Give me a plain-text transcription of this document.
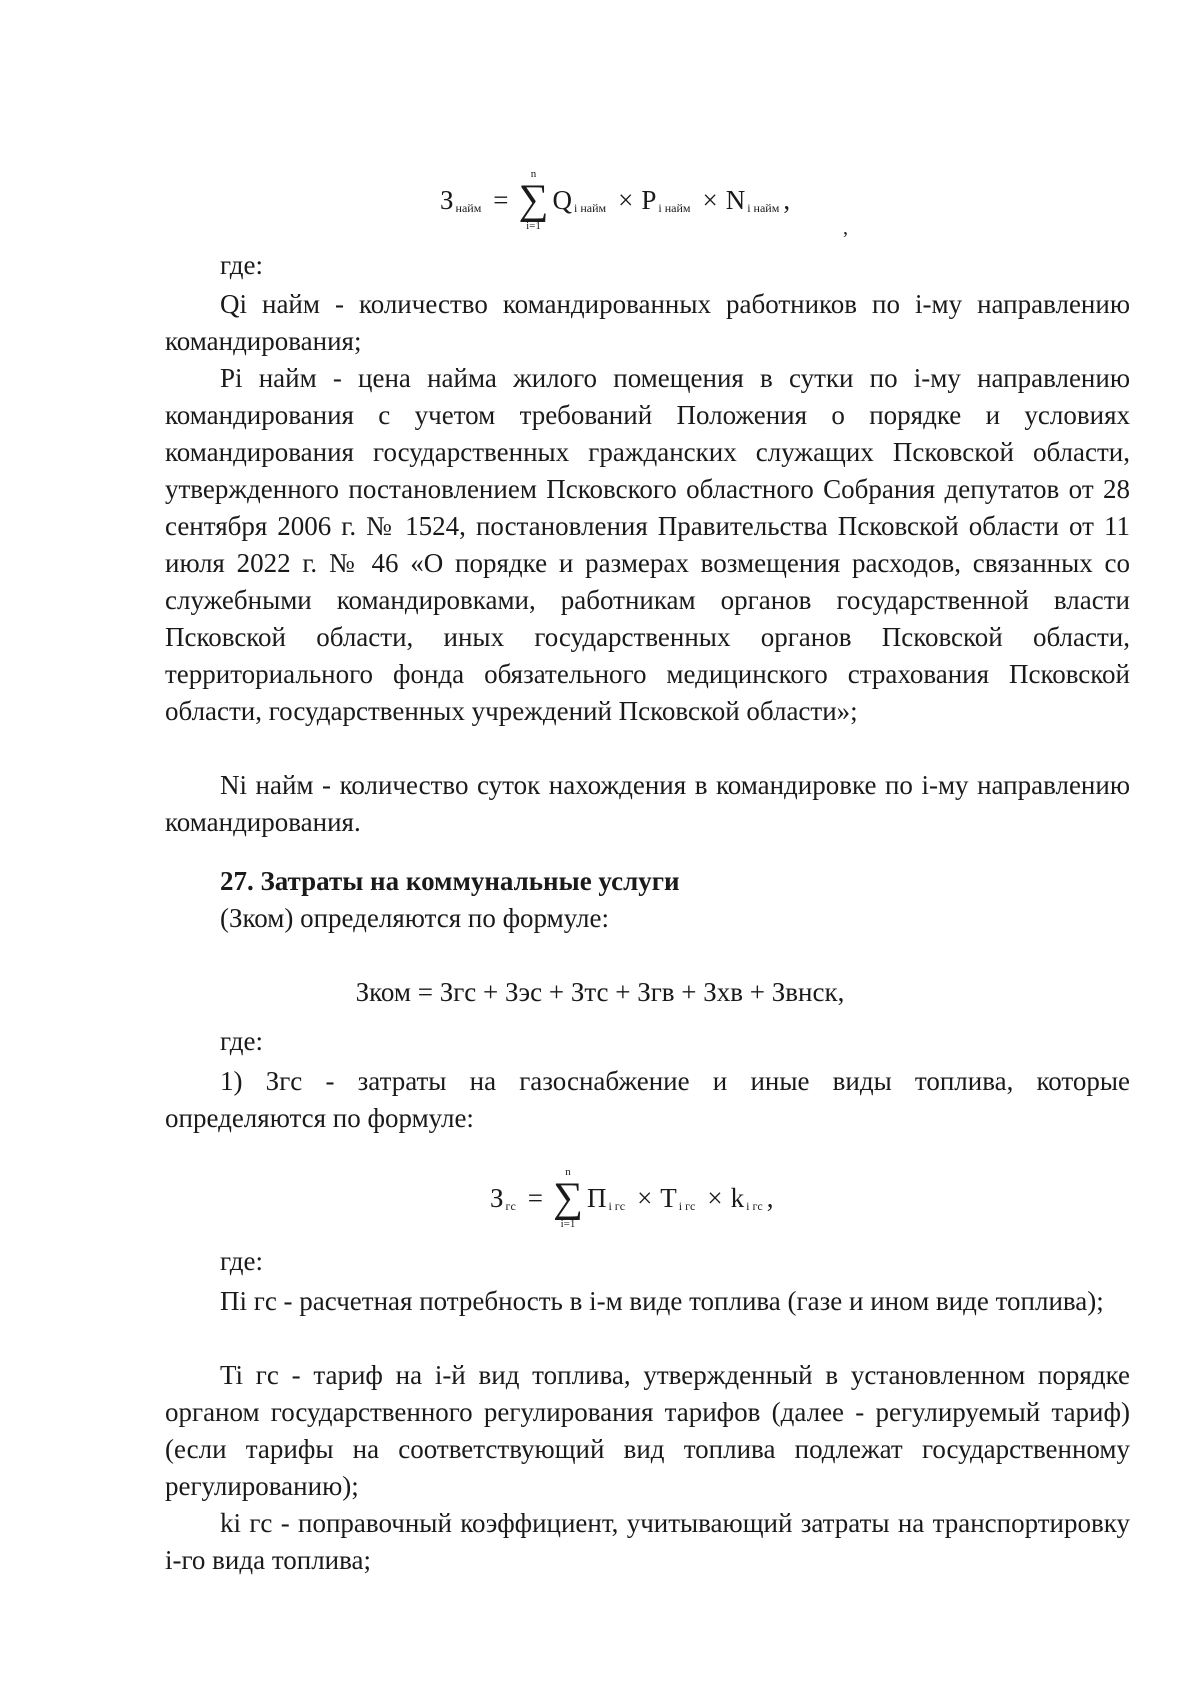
З найм =
n
∑
i=1
Q i найм × P i найм × N i найм ,
,

где:

Qi найм - количество командированных работников по i-му направлению командирования;

Pi найм - цена найма жилого помещения в сутки по i-му направлению командирования с учетом требований Положения о порядке и условиях командирования государственных гражданских служащих Псковской области, утвержденного постановлением Псковского областного Собрания депутатов от 28 сентября 2006 г. № 1524, постановления Правительства Псковской области от 11 июля 2022 г. № 46 «О порядке и размерах возмещения расходов, связанных со служебными командировками, работникам органов государственной власти Псковской области, иных государственных органов Псковской области, территориального фонда обязательного медицинского страхования Псковской области, государственных учреждений Псковской области»;

Ni найм - количество суток нахождения в командировке по i-му направлению командирования.

27. Затраты на коммунальные услуги

(Зком) определяются по формуле:

Зком = Згс + Зэс + Зтс + Згв + Зхв + Звнск,

где:

1) Згс - затраты на газоснабжение и иные виды топлива, которые определяются по формуле:

З гс =
n
∑
i=1
П i гс × T i гс × k i гс ,

где:

Пi гс - расчетная потребность в i-м виде топлива (газе и ином виде топлива);

Ti гс - тариф на i-й вид топлива, утвержденный в установленном порядке органом государственного регулирования тарифов (далее - регулируемый тариф) (если тарифы на соответствующий вид топлива подлежат государственному регулированию);

ki гс - поправочный коэффициент, учитывающий затраты на транспортировку i-го вида топлива;
